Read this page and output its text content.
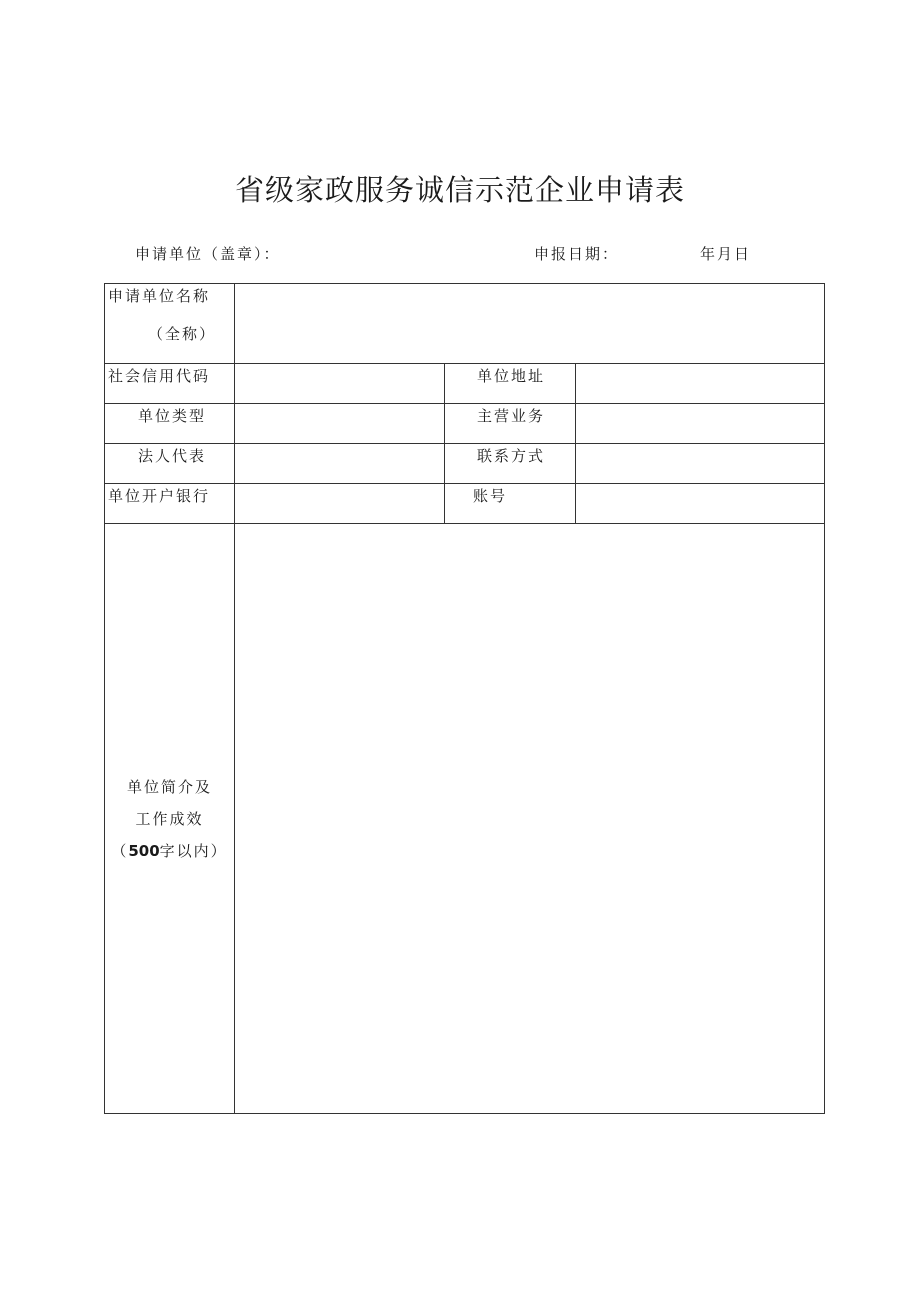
省级家政服务诚信示范企业申请表
申请单位（盖章）：	申报日期：	年月日
申请单位名称
（全称）			

社会信用代码		单位地址	
单位类型		主营业务	
法人代表		联系方式	
单位开户银行		账号	

单位简介及
工作成效
（500字以内）			
